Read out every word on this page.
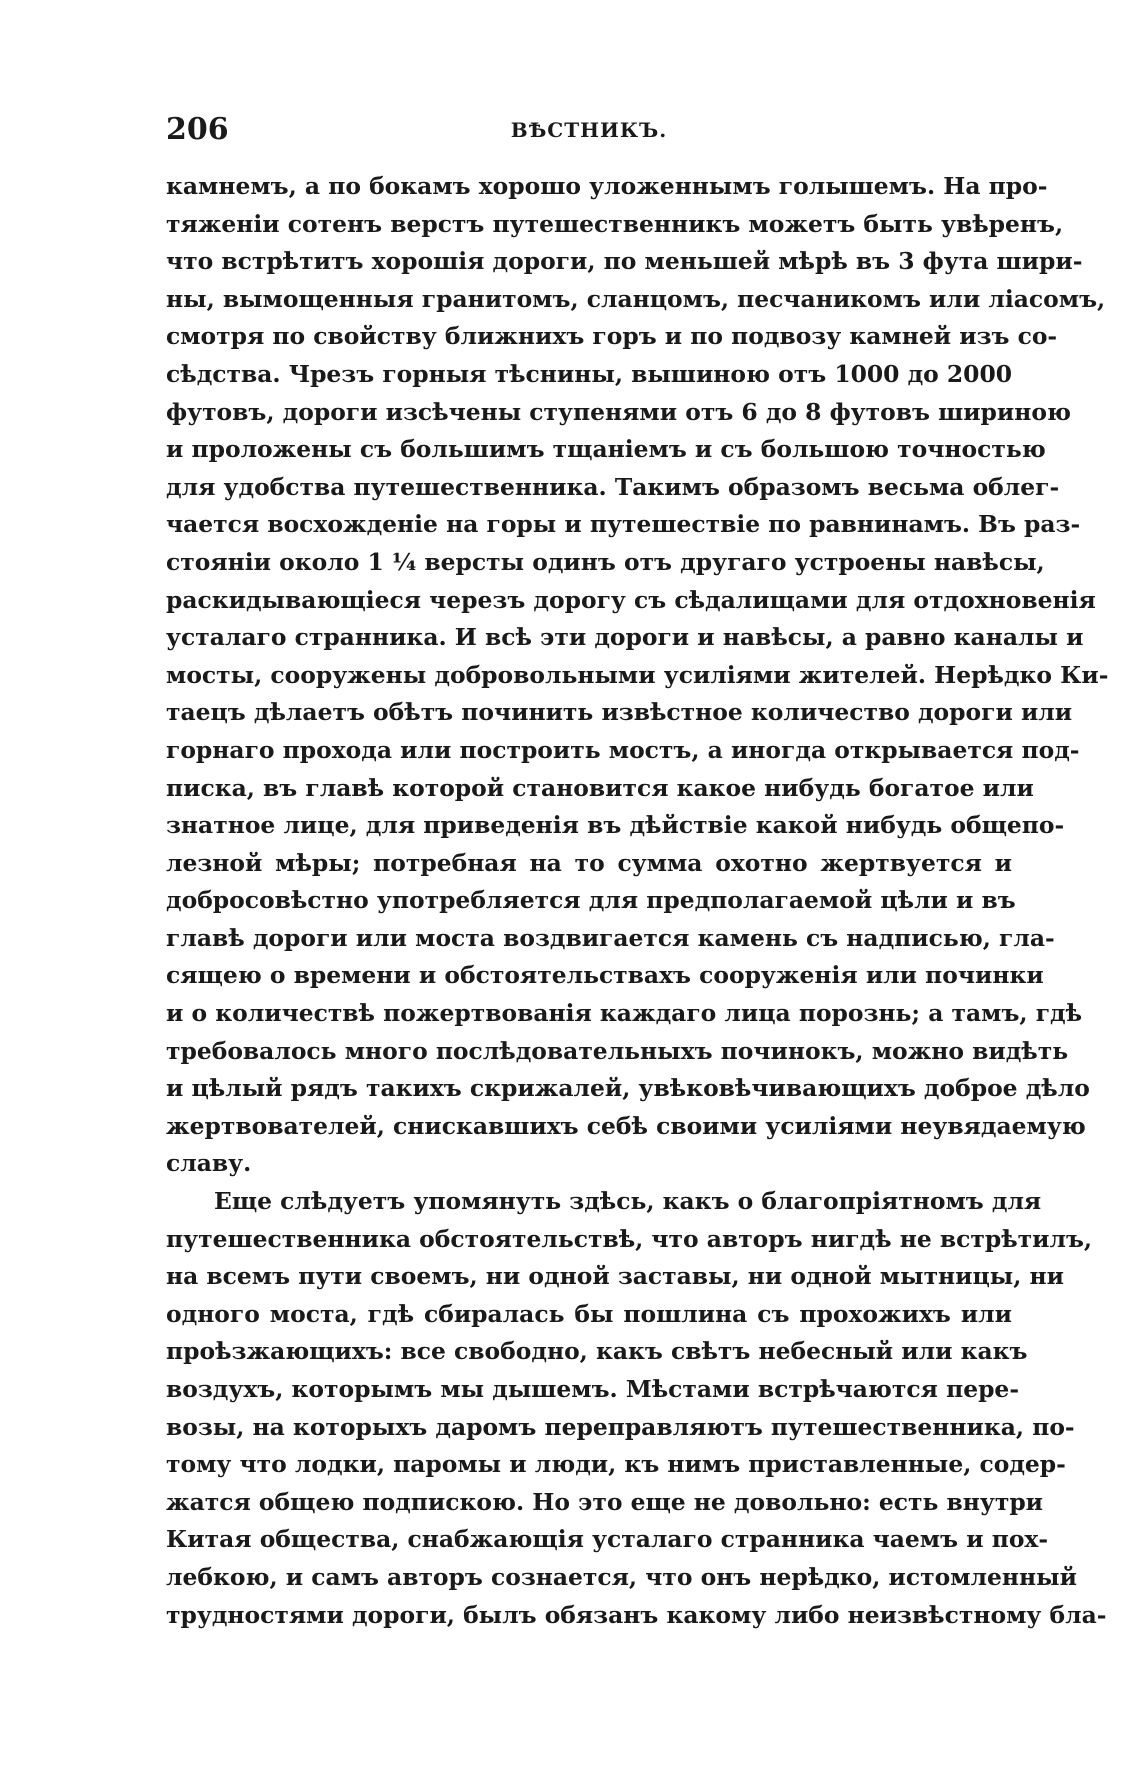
206	ВѢСТНИКЪ.
камнемъ, а по бокамъ хорошо уложеннымъ голышемъ. На про-
тяженіи сотенъ верстъ путешественникъ можетъ быть увѣренъ,
что встрѣтитъ хорошія дороги, по меньшей мѣрѣ въ 3 фута шири-
ны, вымощенныя гранитомъ, сланцомъ, песчаникомъ или ліасомъ,
смотря по свойству ближнихъ горъ и по подвозу камней изъ со-
сѣдства. Чрезъ горныя тѣснины, вышиною отъ 1000 до 2000
футовъ, дороги изсѣчены ступенями отъ 6 до 8 футовъ шириною
и проложены съ большимъ тщаніемъ и съ большою точностью
для удобства путешественника. Такимъ образомъ весьма облег-
чается восхожденіе на горы и путешествіе по равнинамъ. Въ раз-
стояніи около 1 ¼ версты одинъ отъ другаго устроены навѣсы,
раскидывающіеся черезъ дорогу съ сѣдалищами для отдохновенія
усталаго странника. И всѣ эти дороги и навѣсы, а равно каналы и
мосты, сооружены добровольными усиліями жителей. Нерѣдко Ки-
таецъ дѣлаетъ обѣтъ починить извѣстное количество дороги или
горнаго прохода или построить мостъ, а иногда открывается под-
писка, въ главѣ которой становится какое нибудь богатое или
знатное лице, для приведенія въ дѣйствіе какой нибудь общепо-
лезной мѣры; потребная на то сумма охотно жертвуется и
добросовѣстно употребляется для предполагаемой цѣли и въ
главѣ дороги или моста воздвигается камень съ надписью, гла-
сящею о времени и обстоятельствахъ сооруженія или починки
и о количествѣ пожертвованія каждаго лица порознь; а тамъ, гдѣ
требовалось много послѣдовательныхъ починокъ, можно видѣть
и цѣлый рядъ такихъ скрижалей, увѣковѣчивающихъ доброе дѣло
жертвователей, снискавшихъ себѣ своими усиліями неувядаемую
славу.
Еще слѣдуетъ упомянуть здѣсь, какъ о благопріятномъ для
путешественника обстоятельствѣ, что авторъ нигдѣ не встрѣтилъ,
на всемъ пути своемъ, ни одной заставы, ни одной мытницы, ни
одного моста, гдѣ сбиралась бы пошлина съ прохожихъ или
проѣзжающихъ: все свободно, какъ свѣтъ небесный или какъ
воздухъ, которымъ мы дышемъ. Мѣстами встрѣчаются пере-
возы, на которыхъ даромъ переправляютъ путешественника, по-
тому что лодки, паромы и люди, къ нимъ приставленные, содер-
жатся общею подпискою. Но это еще не довольно: есть внутри
Китая общества, снабжающія усталаго странника чаемъ и пох-
лебкою, и самъ авторъ сознается, что онъ нерѣдко, истомленный
трудностями дороги, былъ обязанъ какому либо неизвѣстному бла-
